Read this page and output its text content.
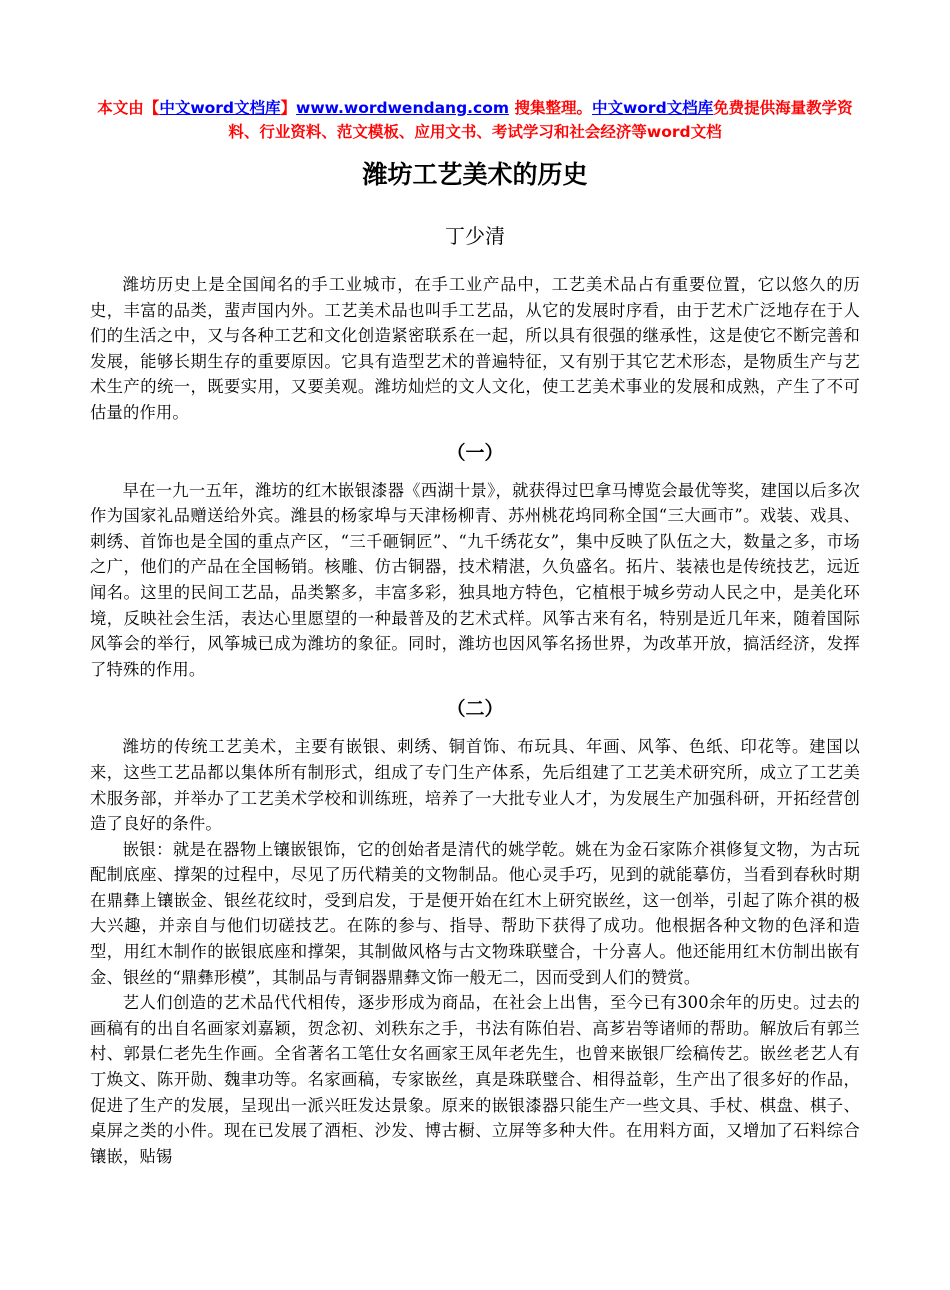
本文由【中文word文档库】www.wordwendang.com 搜集整理。中文word文档库免费提供海量教学资料、行业资料、范文模板、应用文书、考试学习和社会经济等word文档
潍坊工艺美术的历史
丁少清

潍坊历史上是全国闻名的手工业城市，在手工业产品中，工艺美术品占有重要位置，它以悠久的历史，丰富的品类，蜚声国内外。工艺美术品也叫手工艺品，从它的发展时序看，由于艺术广泛地存在于人们的生活之中，又与各种工艺和文化创造紧密联系在一起，所以具有很强的继承性，这是使它不断完善和发展，能够长期生存的重要原因。它具有造型艺术的普遍特征，又有别于其它艺术形态，是物质生产与艺术生产的统一，既要实用，又要美观。潍坊灿烂的文人文化，使工艺美术事业的发展和成熟，产生了不可估量的作用。

（一）

早在一九一五年，潍坊的红木嵌银漆器《西湖十景》，就获得过巴拿马博览会最优等奖，建国以后多次作为国家礼品赠送给外宾。潍县的杨家埠与天津杨柳青、苏州桃花坞同称全国“三大画市”。戏装、戏具、刺绣、首饰也是全国的重点产区，“三千砸铜匠”、“九千绣花女”，集中反映了队伍之大，数量之多，市场之广，他们的产品在全国畅销。核雕、仿古铜器，技术精湛，久负盛名。拓片、装裱也是传统技艺，远近闻名。这里的民间工艺品，品类繁多，丰富多彩，独具地方特色，它植根于城乡劳动人民之中，是美化环境，反映社会生活，表达心里愿望的一种最普及的艺术式样。风筝古来有名，特别是近几年来，随着国际风筝会的举行，风筝城已成为潍坊的象征。同时，潍坊也因风筝名扬世界，为改革开放，搞活经济，发挥了特殊的作用。

（二）

潍坊的传统工艺美术，主要有嵌银、刺绣、铜首饰、布玩具、年画、风筝、色纸、印花等。建国以来，这些工艺品都以集体所有制形式，组成了专门生产体系，先后组建了工艺美术研究所，成立了工艺美术服务部，并举办了工艺美术学校和训练班，培养了一大批专业人才，为发展生产加强科研，开拓经营创造了良好的条件。

嵌银：就是在器物上镶嵌银饰，它的创始者是清代的姚学乾。姚在为金石家陈介祺修复文物，为古玩配制底座、撑架的过程中，尽见了历代精美的文物制品。他心灵手巧，见到的就能摹仿，当看到春秋时期在鼎彝上镶嵌金、银丝花纹时，受到启发，于是便开始在红木上研究嵌丝，这一创举，引起了陈介祺的极大兴趣，并亲自与他们切磋技艺。在陈的参与、指导、帮助下获得了成功。他根据各种文物的色泽和造型，用红木制作的嵌银底座和撑架，其制做风格与古文物珠联璧合，十分喜人。他还能用红木仿制出嵌有金、银丝的“鼎彝形模”，其制品与青铜器鼎彝文饰一般无二，因而受到人们的赞赏。

艺人们创造的艺术品代代相传，逐步形成为商品，在社会上出售，至今已有300余年的历史。过去的画稿有的出自名画家刘嘉颖，贺念初、刘秩东之手，书法有陈伯岩、高芗岩等诸师的帮助。解放后有郭兰村、郭景仁老先生作画。全省著名工笔仕女名画家王凤年老先生，也曾来嵌银厂绘稿传艺。嵌丝老艺人有丁焕文、陈开勋、魏聿功等。名家画稿，专家嵌丝，真是珠联璧合、相得益彰，生产出了很多好的作品，促进了生产的发展，呈现出一派兴旺发达景象。原来的嵌银漆器只能生产一些文具、手杖、棋盘、棋子、桌屏之类的小件。现在已发展了酒柜、沙发、博古橱、立屏等多种大件。在用料方面，又增加了石料综合镶嵌，贴锡
